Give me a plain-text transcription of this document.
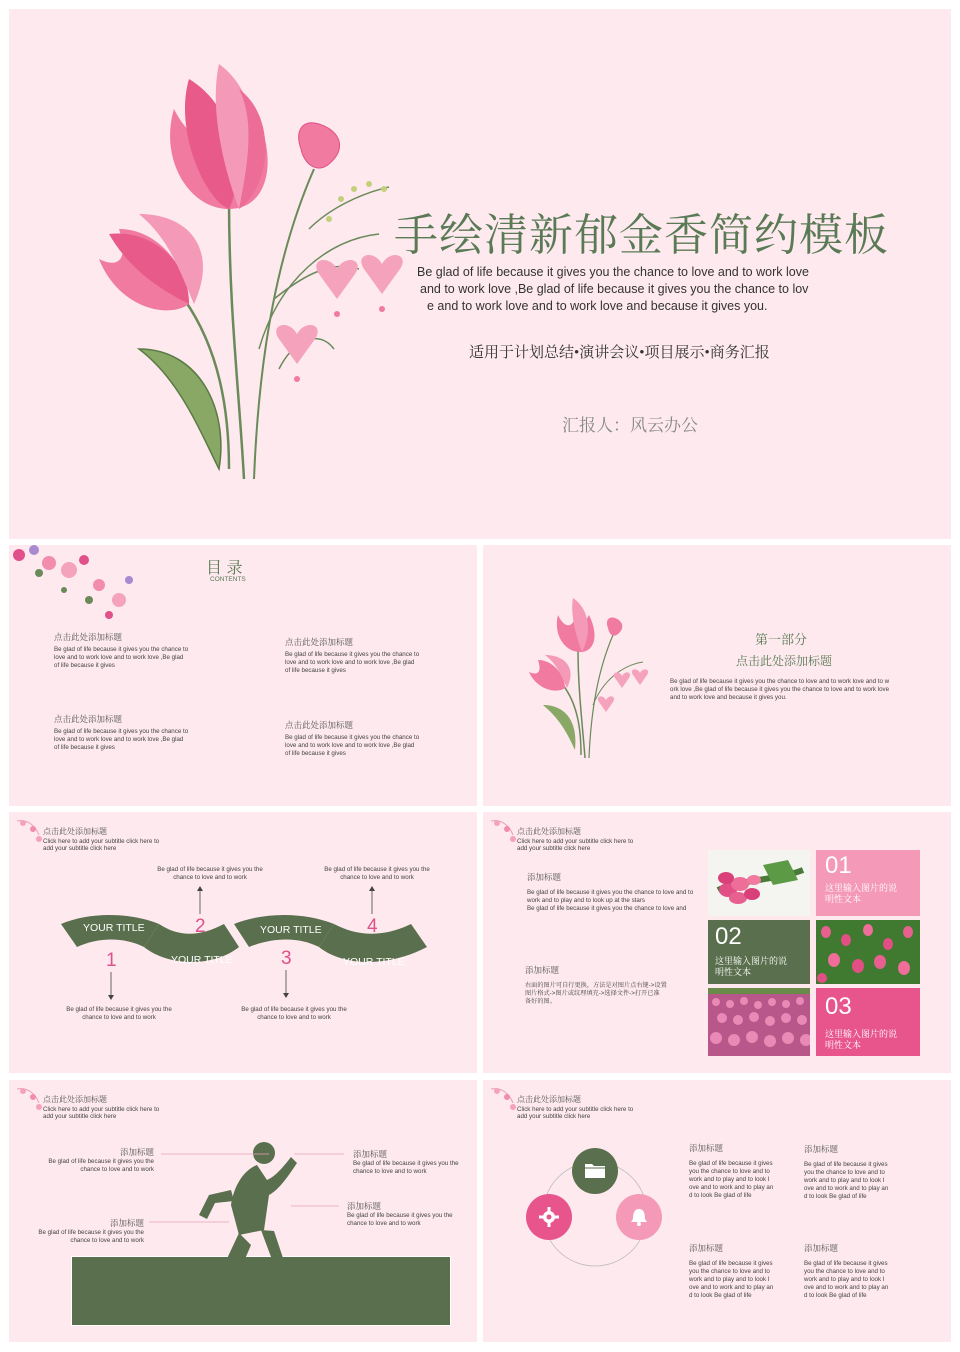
手绘清新郁金香简约模板
Be glad of life because it gives you the chance to love and to work love
and to work love ,Be glad of life because it gives you the chance to lov
e and to work love and to work love and because it gives you.
适用于计划总结•演讲会议•项目展示•商务汇报
汇报人：风云办公
目 录
CONTENTS
点击此处添加标题
Be glad of life because it gives you the chance to
love and to work love and to work love ,Be glad
of life because it gives
点击此处添加标题
Be glad of life because it gives you the chance to
love and to work love and to work love ,Be glad
of life because it gives
点击此处添加标题
Be glad of life because it gives you the chance to
love and to work love and to work love ,Be glad
of life because it gives
点击此处添加标题
Be glad of life because it gives you the chance to
love and to work love and to work love ,Be glad
of life because it gives
第一部分
点击此处添加标题
Be glad of life because it gives you the chance to love and to work love and to w
ork love ,Be glad of life because it gives you the chance to love and to work love
and to work love and because it gives you.
点击此处添加标题
Click here to add your subtitle click here to
add your subtitle click here
YOUR TITLE
YOUR TITLE
YOUR TITLE
YOUR TITLE
1
2
3
4
Be glad of life because it gives you the
chance to love and to work
Be glad of life because it gives you the
chance to love and to work
Be glad of life because it gives you the
chance to love and to work
Be glad of life because it gives you the
chance to love and to work
点击此处添加标题
Click here to add your subtitle click here to
add your subtitle click here
添加标题
Be glad of life because it gives you the chance to love and to
work and to play and to look up at the stars
Be glad of life because it gives you the chance to love and
添加标题
右面的图片可自行更换，方法是对图片点右键->设置
图片格式->图片或纹理填充->选择文件->打开已准
备好的图。
01
这里输入图片的说
明性文本
02
这里输入图片的说
明性文本
03
这里输入图片的说
明性文本
点击此处添加标题
Click here to add your subtitle click here to
add your subtitle click here
添加标题
Be glad of life because it gives you the
chance to love and to work
添加标题
Be glad of life because it gives you the
chance to love and to work
添加标题
Be glad of life because it gives you the
chance to love and to work
添加标题
Be glad of life because it gives you the
chance to love and to work
点击此处添加标题
Click here to add your subtitle click here to
add your subtitle click here
添加标题
Be glad of life because it gives
you the chance to love and to
work and to play and to look I
ove and to work and to play an
d to look Be glad of life
添加标题
Be glad of life because it gives
you the chance to love and to
work and to play and to look I
ove and to work and to play an
d to look Be glad of life
添加标题
Be glad of life because it gives
you the chance to love and to
work and to play and to look I
ove and to work and to play an
d to look Be glad of life
添加标题
Be glad of life because it gives
you the chance to love and to
work and to play and to look I
ove and to work and to play an
d to look Be glad of life
